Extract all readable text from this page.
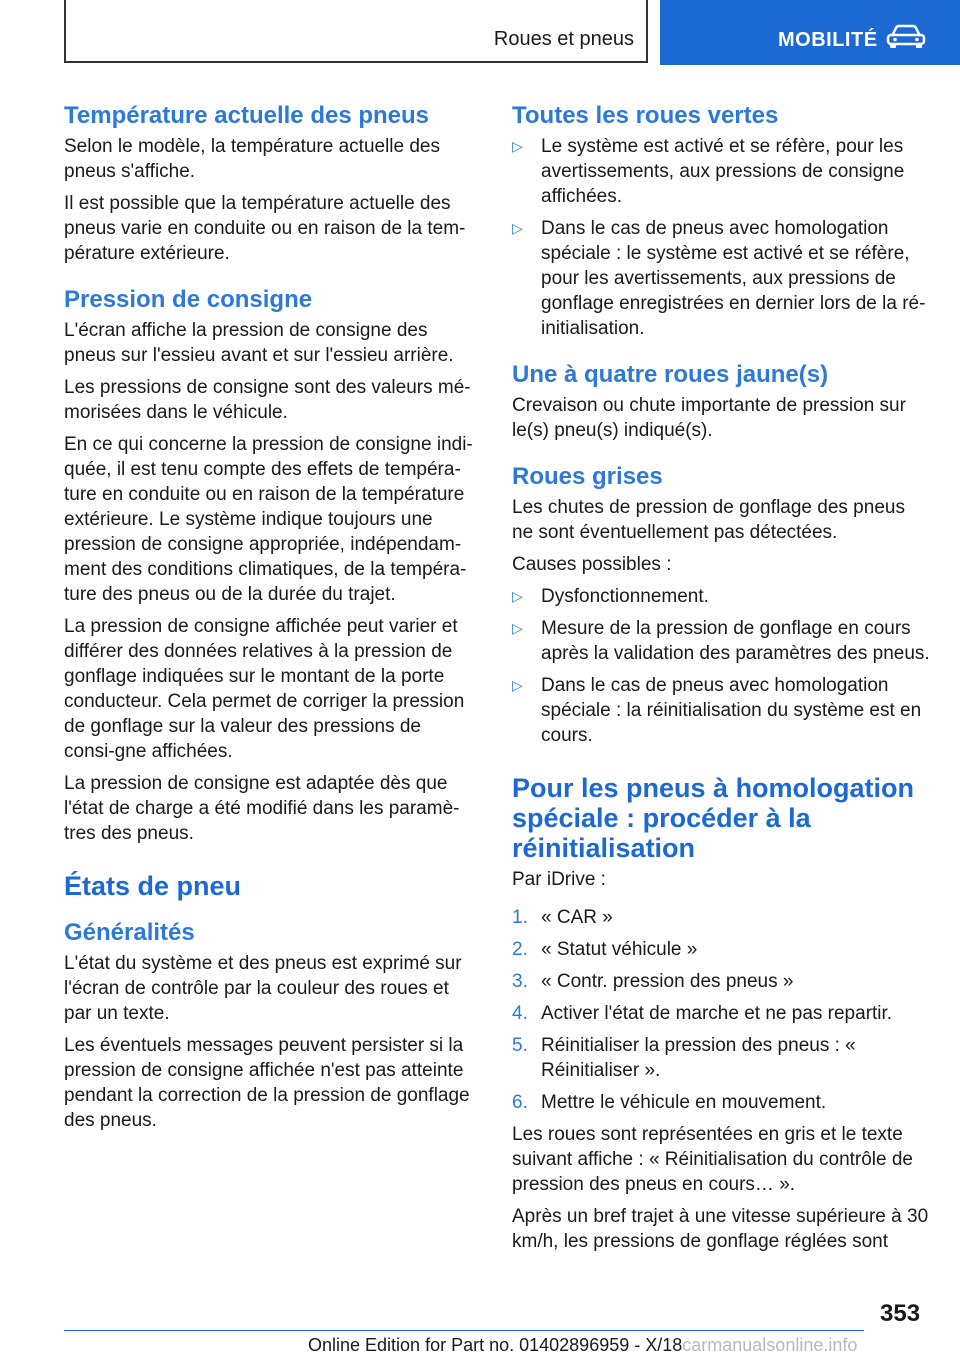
Roues et pneus	MOBILITÉ
Température actuelle des pneus

Selon le modèle, la température actuelle des pneus s'affiche.

Il est possible que la température actuelle des pneus varie en conduite ou en raison de la tem-pérature extérieure.

Pression de consigne

L'écran affiche la pression de consigne des pneus sur l'essieu avant et sur l'essieu arrière.

Les pressions de consigne sont des valeurs mé-morisées dans le véhicule.

En ce qui concerne la pression de consigne indi-quée, il est tenu compte des effets de tempéra-ture en conduite ou en raison de la température extérieure. Le système indique toujours une pression de consigne appropriée, indépendam-ment des conditions climatiques, de la tempéra-ture des pneus ou de la durée du trajet.

La pression de consigne affichée peut varier et différer des données relatives à la pression de gonflage indiquées sur le montant de la porte conducteur. Cela permet de corriger la pression de gonflage sur la valeur des pressions de consi-gne affichées.

La pression de consigne est adaptée dès que l'état de charge a été modifié dans les paramè-tres des pneus.

États de pneu
Généralités

L'état du système et des pneus est exprimé sur l'écran de contrôle par la couleur des roues et par un texte.

Les éventuels messages peuvent persister si la pression de consigne affichée n'est pas atteinte pendant la correction de la pression de gonflage des pneus.

Toutes les roues vertes
▷ Le système est activé et se réfère, pour les avertissements, aux pressions de consigne affichées.
▷ Dans le cas de pneus avec homologation spéciale : le système est activé et se réfère, pour les avertissements, aux pressions de gonflage enregistrées en dernier lors de la ré-initialisation.
Une à quatre roues jaune(s)

Crevaison ou chute importante de pression sur le(s) pneu(s) indiqué(s).

Roues grises

Les chutes de pression de gonflage des pneus ne sont éventuellement pas détectées.

Causes possibles :

▷ Dysfonctionnement.
▷ Mesure de la pression de gonflage en cours après la validation des paramètres des pneus.
▷ Dans le cas de pneus avec homologation spéciale : la réinitialisation du système est en cours.
Pour les pneus à homologation spéciale : procéder à la réinitialisation

Par iDrive :

1. « CAR »
2. « Statut véhicule »
3. « Contr. pression des pneus »
4. Activer l'état de marche et ne pas repartir.
5. Réinitialiser la pression des pneus : « Réinitialiser ».
6. Mettre le véhicule en mouvement.

Les roues sont représentées en gris et le texte suivant affiche : « Réinitialisation du contrôle de pression des pneus en cours… ».

Après un bref trajet à une vitesse supérieure à 30 km/h, les pressions de gonflage réglées sont

353
Online Edition for Part no. 01402896959 - X/18carmanualsonline.info
